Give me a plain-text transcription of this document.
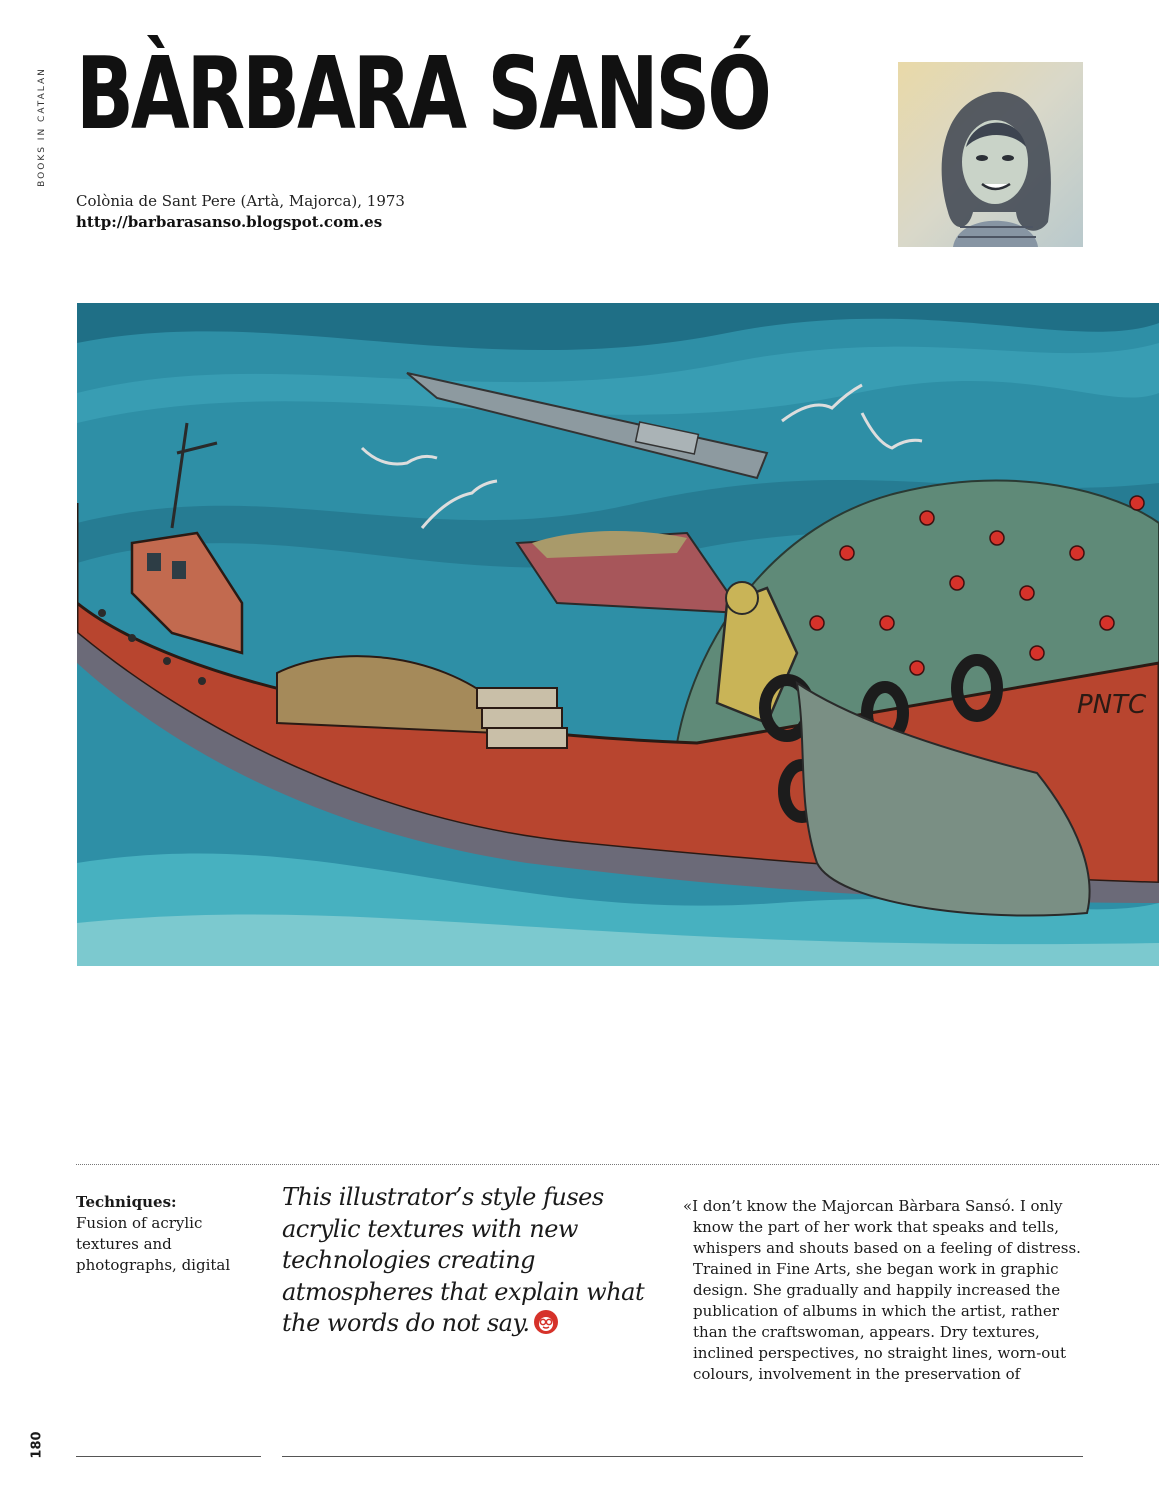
BOOKS IN CATALAN BÀRBARA SANSÓ
Colònia de Sant Pere (Artà, Majorca), 1973
http://barbarasanso.blogspot.com.es
PNTC
Techniques:
Fusion of acrylic textures and photographs, digital
This illustrator’s style fuses acrylic textures with new technologies creating atmospheres that explain what the words do not say.
«I don’t know the Majorcan Bàrbara Sansó. I only know the part of her work that speaks and tells, whispers and shouts based on a feeling of distress. Trained in Fine Arts, she began work in graphic design. She gradually and happily increased the publication of albums in which the artist, rather than the craftswoman, appears. Dry textures, inclined perspectives, no straight lines, worn-out colours, involvement in the preservation of
180
